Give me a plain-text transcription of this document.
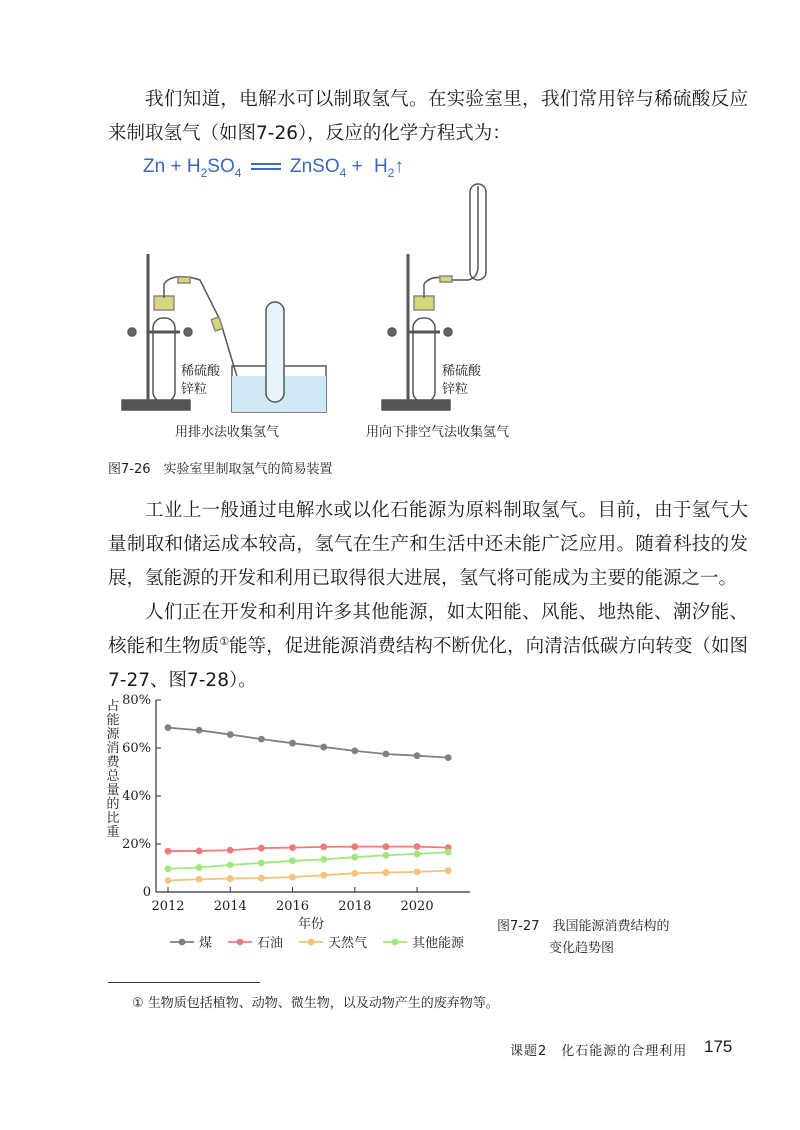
我们知道，电解水可以制取氢气。在实验室里，我们常用锌与稀硫酸反应来制取氢气（如图7-26），反应的化学方程式为：

$Zn + H_2SO_4$	ZnSO$_4$ + $H_2↑$
稀硫酸
锌粒
稀硫酸
锌粒
用排水法收集氢气	用向下排空气法收集氢气
图7-26　实验室里制取氢气的简易装置

工业上一般通过电解水或以化石能源为原料制取氢气。目前，由于氢气大量制取和储运成本较高，氢气在生产和生活中还未能广泛应用。随着科技的发展，氢能源的开发和利用已取得很大进展，氢气将可能成为主要的能源之一。

人们正在开发和利用许多其他能源，如太阳能、风能、地热能、潮汐能、核能和生物质①能等，促进能源消费结构不断优化，向清洁低碳方向转变（如图7-27、图7-28）。

占能源消费总量的比重
0
20%
40%
60%
80%
2012 2014 2016 2018 2020
年份
煤	石油	天然气	其他能源
图7-27　我国能源消费结构的
变化趋势图
① 生物质包括植物、动物、微生物，以及动物产生的废弃物等。
课题2　化石能源的合理利用 175
